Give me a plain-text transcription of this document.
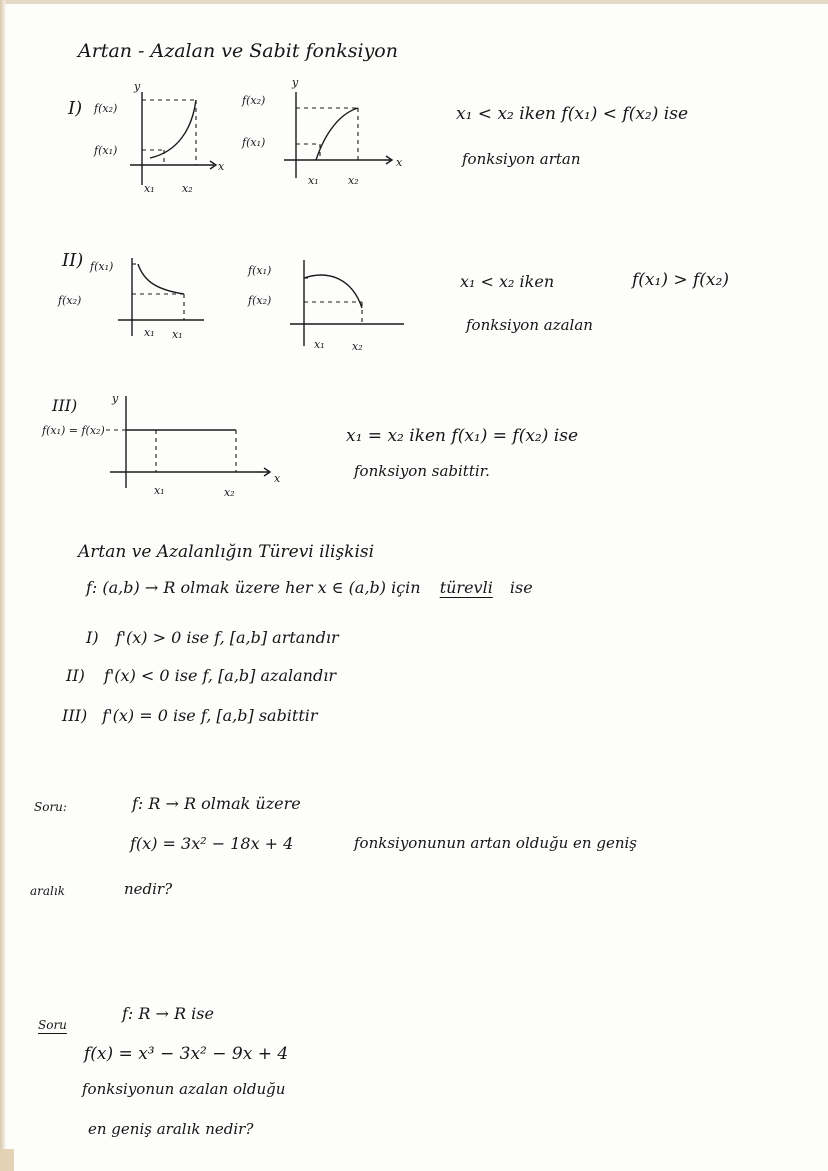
Artan - Azalan ve Sabit fonksiyon
I)
y
x
f(x₂)
f(x₁)
x₁ x₂
y
x
f(x₂)
f(x₁)
x₁	x₂
x₁ < x₂ iken f(x₁) < f(x₂) ise
fonksiyon artan
II) f(x₁)
f(x₂)
x₁ x₁
f(x₁)
f(x₂)
x₁ x₂
x₁ < x₂ iken	f(x₁) > f(x₂)
fonksiyon azalan
III)	y
x
f(x₁) = f(x₂)
x₁	x₂
x₁ = x₂ iken f(x₁) = f(x₂) ise
fonksiyon sabittir.
Artan ve Azalanlığın Türevi ilişkisi
f: (a,b) → R olmak üzere her x ∈ (a,b) için türevli ise
I) f'(x) > 0 ise f, [a,b] artandır
II) f'(x) < 0 ise f, [a,b] azalandır
III) f'(x) = 0 ise f, [a,b] sabittir
Soru:	f: R → R olmak üzere
f(x) = 3x² − 18x + 4	fonksiyonunun artan olduğu en geniş
aralık	nedir?
Soru
f: R → R ise
f(x) = x³ − 3x² − 9x + 4
fonksiyonun azalan olduğu
en geniş aralık nedir?
